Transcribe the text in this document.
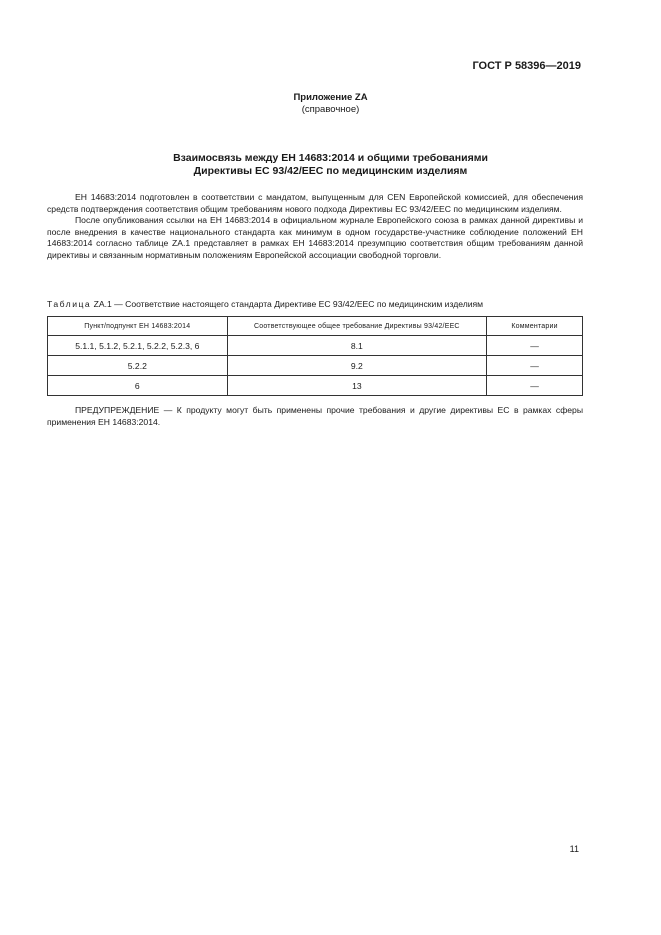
ГОСТ Р 58396—2019
Приложение ZA
(справочное)
Взаимосвязь между ЕН 14683:2014 и общими требованиями
Директивы ЕС 93/42/ЕЕС по медицинским изделиям

ЕН 14683:2014 подготовлен в соответствии с мандатом, выпущенным для CEN Европейской комиссией, для обеспечения средств подтверждения соответствия общим требованиям нового подхода Директивы ЕС 93/42/ЕЕС по медицинским изделиям.

После опубликования ссылки на ЕН 14683:2014 в официальном журнале Европейского союза в рамках данной директивы и после внедрения в качестве национального стандарта как минимум в одном государстве-участнике соблюдение положений ЕН 14683:2014 согласно таблице ZA.1 представляет в рамках ЕН 14683:2014 презумпцию соответствия общим требованиям данной директивы и связанным нормативным положениям Европейской ассоциации свободной торговли.

Таблица ZA.1 — Соответствие настоящего стандарта Директиве ЕС 93/42/ЕЕС по медицинским изделиям
Пункт/подпункт ЕН 14683:2014	Соответствующее общее требование Директивы 93/42/ЕЕС	Комментарии
5.1.1, 5.1.2, 5.2.1, 5.2.2, 5.2.3, 6	8.1	—
5.2.2	9.2	—
6	13	—

ПРЕДУПРЕЖДЕНИЕ — К продукту могут быть применены прочие требования и другие директивы ЕС в рамках сферы применения ЕН 14683:2014.

11
